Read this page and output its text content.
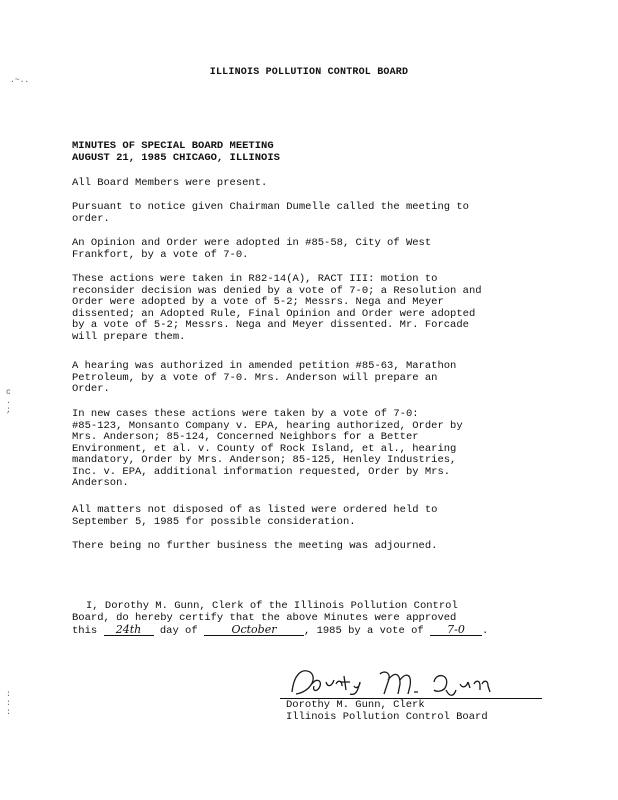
.~..
c
.
;
:
:
:
ILLINOIS POLLUTION CONTROL BOARD
MINUTES OF SPECIAL BOARD MEETING
AUGUST 21, 1985 CHICAGO, ILLINOIS
All Board Members were present.
Pursuant to notice given Chairman Dumelle called the meeting to
order.
An Opinion and Order were adopted in #85-58, City of West
Frankfort, by a vote of 7-0.
These actions were taken in R82-14(A), RACT III: motion to
reconsider decision was denied by a vote of 7-0; a Resolution and
Order were adopted by a vote of 5-2; Messrs. Nega and Meyer
dissented; an Adopted Rule, Final Opinion and Order were adopted
by a vote of 5-2; Messrs. Nega and Meyer dissented. Mr. Forcade
will prepare them.
A hearing was authorized in amended petition #85-63, Marathon
Petroleum, by a vote of 7-0. Mrs. Anderson will prepare an
Order.
In new cases these actions were taken by a vote of 7-0:
#85-123, Monsanto Company v. EPA, hearing authorized, Order by
Mrs. Anderson; 85-124, Concerned Neighbors for a Better
Environment, et al. v. County of Rock Island, et al., hearing
mandatory, Order by Mrs. Anderson; 85-125, Henley Industries,
Inc. v. EPA, additional information requested, Order by Mrs.
Anderson.
All matters not disposed of as listed were ordered held to
September 5, 1985 for possible consideration.
There being no further business the meeting was adjourned.
I, Dorothy M. Gunn, Clerk of the Illinois Pollution Control
Board, do hereby certify that the above Minutes were approved
this 24th day of	October	, 1985 by a vote of 7-0 .
Dorothy M. Gunn, Clerk
Illinois Pollution Control Board
